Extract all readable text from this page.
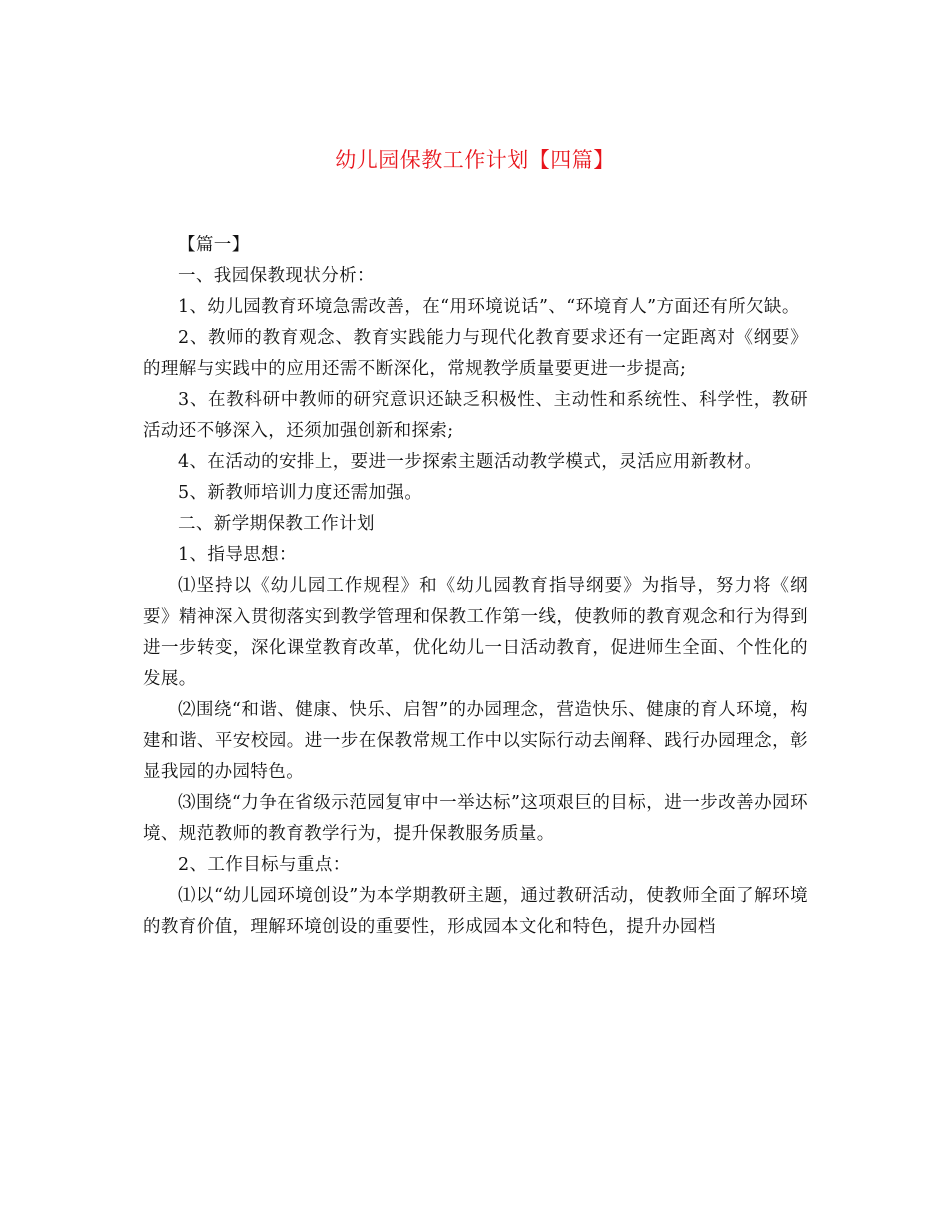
幼儿园保教工作计划【四篇】

【篇一】

一、我园保教现状分析：

1、幼儿园教育环境急需改善，在“用环境说话”、“环境育人”方面还有所欠缺。

2、教师的教育观念、教育实践能力与现代化教育要求还有一定距离对《纲要》的理解与实践中的应用还需不断深化，常规教学质量要更进一步提高;

3、在教科研中教师的研究意识还缺乏积极性、主动性和系统性、科学性，教研活动还不够深入，还须加强创新和探索;

4、在活动的安排上，要进一步探索主题活动教学模式，灵活应用新教材。

5、新教师培训力度还需加强。

二、新学期保教工作计划

1、指导思想：

⑴坚持以《幼儿园工作规程》和《幼儿园教育指导纲要》为指导，努力将《纲要》精神深入贯彻落实到教学管理和保教工作第一线，使教师的教育观念和行为得到进一步转变，深化课堂教育改革，优化幼儿一日活动教育，促进师生全面、个性化的发展。

⑵围绕“和谐、健康、快乐、启智”的办园理念，营造快乐、健康的育人环境，构建和谐、平安校园。进一步在保教常规工作中以实际行动去阐释、践行办园理念，彰显我园的办园特色。

⑶围绕“力争在省级示范园复审中一举达标”这项艰巨的目标，进一步改善办园环境、规范教师的教育教学行为，提升保教服务质量。

2、工作目标与重点：

⑴以“幼儿园环境创设”为本学期教研主题，通过教研活动，使教师全面了解环境的教育价值，理解环境创设的重要性，形成园本文化和特色，提升办园档
